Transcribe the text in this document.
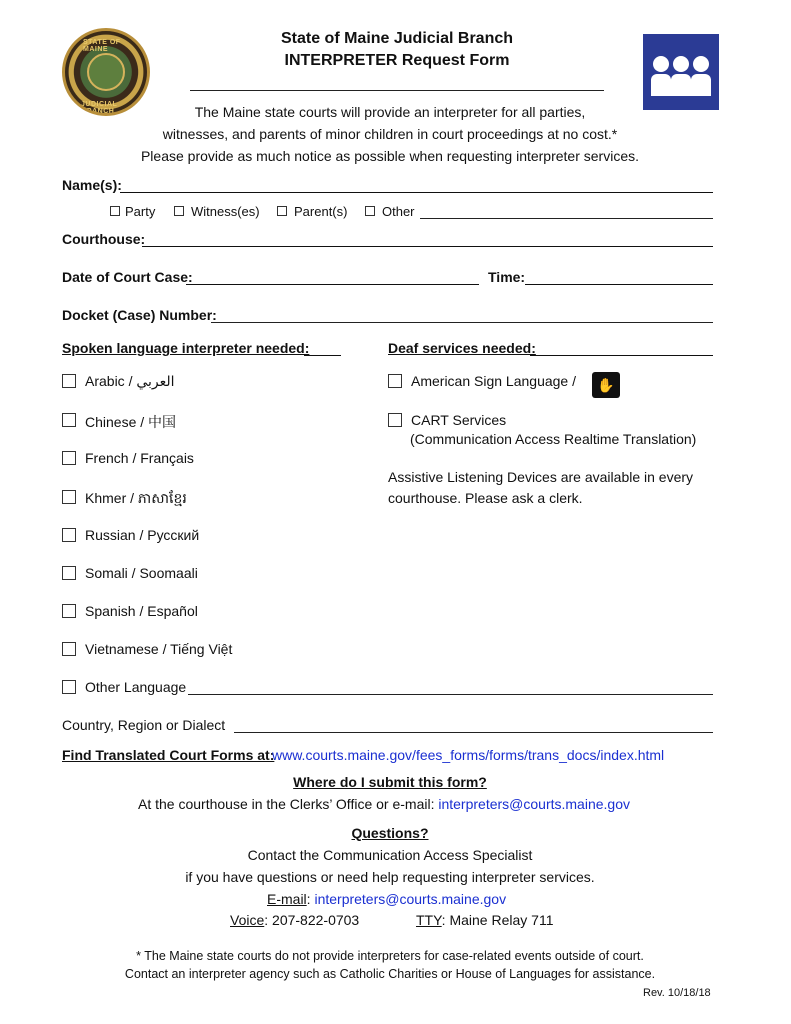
STATE OF MAINE
JUDICIAL BRANCH
State of Maine Judicial Branch
INTERPRETER Request Form
The Maine state courts will provide an interpreter for all parties,
witnesses, and parents of minor children in court proceedings at no cost.*
Please provide as much notice as possible when requesting interpreter services.
Name(s):
Party	Witness(es)	Parent(s)	Other
Courthouse:
Date of Court Case:	Time:
Docket (Case) Number:
Spoken language interpreter needed:	Deaf services needed:
Arabic / العربي
Chinese / 中国
French / Français
Khmer / ភាសាខ្មែរ
Russian / Русский
Somali / Soomaali
Spanish / Español
Vietnamese / Tiếng Việt
Other Language
Country, Region or Dialect
American Sign Language /	✋
CART Services
(Communication Access Realtime Translation)
Assistive Listening Devices are available in every
courthouse. Please ask a clerk.
Find Translated Court Forms at:
www.courts.maine.gov/fees_forms/forms/trans_docs/index.html
Where do I submit this form?
At the courthouse in the Clerks’ Office or e-mail: interpreters@courts.maine.gov
Questions?
Contact the Communication Access Specialist
if you have questions or need help requesting interpreter services.
E-mail: interpreters@courts.maine.gov
Voice: 207-822-0703	TTY: Maine Relay 711
* The Maine state courts do not provide interpreters for case-related events outside of court.
Contact an interpreter agency such as Catholic Charities or House of Languages for assistance.
Rev. 10/18/18
